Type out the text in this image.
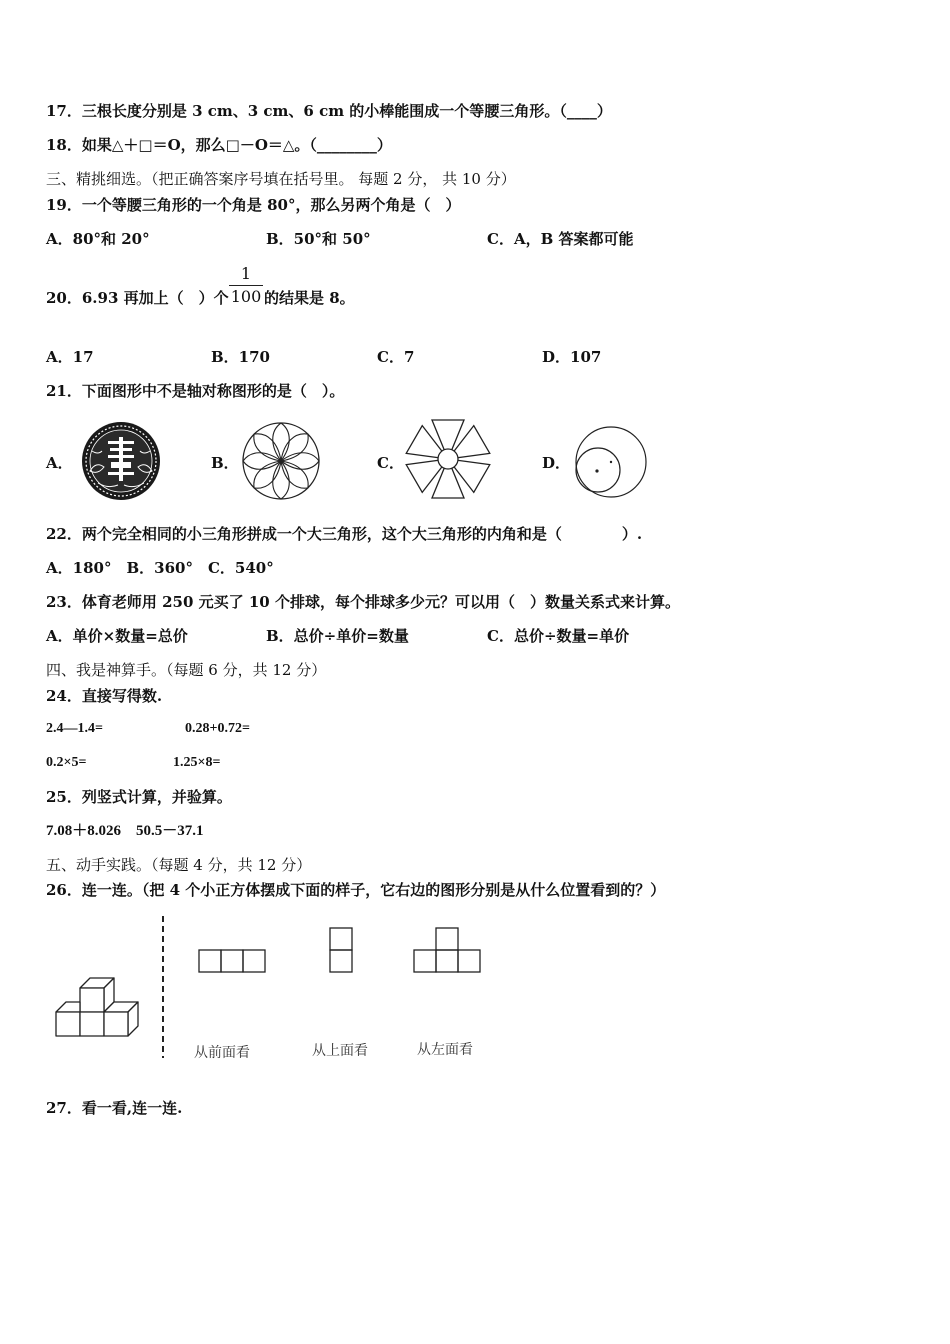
17．三根长度分别是 3 cm、3 cm、6 cm 的小棒能围成一个等腰三角形。（____）
18．如果△＋□＝O，那么□－O＝△。（________）
三、精挑细选。（把正确答案序号填在括号里。 每题 2 分， 共 10 分）
19．一个等腰三角形的一个角是 80°，那么另两个角是（　）
A．80°和 20°	B．50°和 50°	C．A，B 答案都可能
20．6.93 再加上（　）个 $\frac{1}{100}$ 的结果是 8。
A．17	B．170	C．7	D．107
21．下面图形中不是轴对称图形的是（　）。
A．	B．	C．	D．
22．两个完全相同的小三角形拼成一个大三角形，这个大三角形的内角和是（　　　　）.
A．180°　B．360°　C．540°
23．体育老师用 250 元买了 10 个排球，每个排球多少元？可以用（　）数量关系式来计算。
A．单价×数量=总价	B．总价÷单价=数量	C．总价÷数量=单价
四、我是神算手。（每题 6 分，共 12 分）
24．直接写得数.
2.4—1.4=	0.28+0.72=
0.2×5=	1.25×8=
25．列竖式计算，并验算。
7.08＋8.026　50.5－37.1
五、动手实践。（每题 4 分，共 12 分）
26．连一连。（把 4 个小正方体摆成下面的样子，它右边的图形分别是从什么位置看到的？）
从前面看	从上面看	从左面看
27．看一看,连一连.
